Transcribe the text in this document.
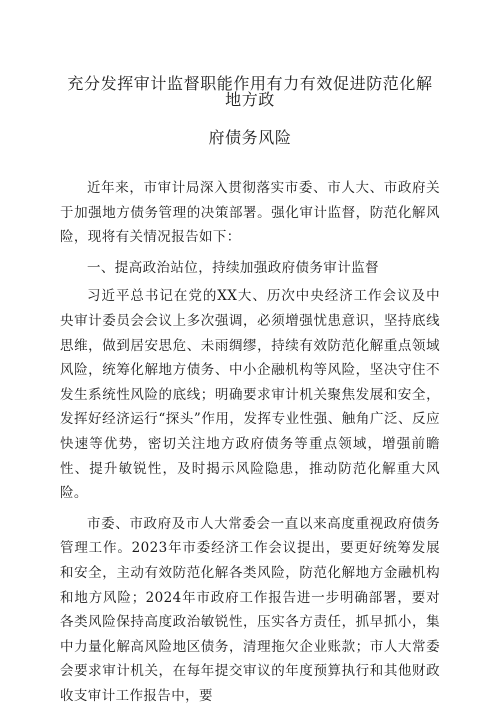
充分发挥审计监督职能作用有力有效促进防范化解地方政
府债务风险

近年来，市审计局深入贯彻落实市委、市人大、市政府关于加强地方债务管理的决策部署。强化审计监督，防范化解风险，现将有关情况报告如下：

一、提高政治站位，持续加强政府债务审计监督

习近平总书记在党的XX大、历次中央经济工作会议及中央审计委员会会议上多次强调，必须增强忧患意识，坚持底线思维，做到居安思危、未雨绸缪，持续有效防范化解重点领域风险，统筹化解地方债务、中小企融机构等风险，坚决守住不发生系统性风险的底线；明确要求审计机关聚焦发展和安全，发挥好经济运行“探头”作用，发挥专业性强、触角广泛、反应快速等优势，密切关注地方政府债务等重点领域，增强前瞻性、提升敏锐性，及时揭示风险隐患，推动防范化解重大风险。

市委、市政府及市人大常委会一直以来高度重视政府债务管理工作。2023年市委经济工作会议提出，要更好统筹发展和安全，主动有效防范化解各类风险，防范化解地方金融机构和地方风险；2024年市政府工作报告进一步明确部署，要对各类风险保持高度政治敏锐性，压实各方责任，抓早抓小，集中力量化解高风险地区债务，清理拖欠企业账款；市人大常委会要求审计机关，在每年提交审议的年度预算执行和其他财政收支审计工作报告中，要
